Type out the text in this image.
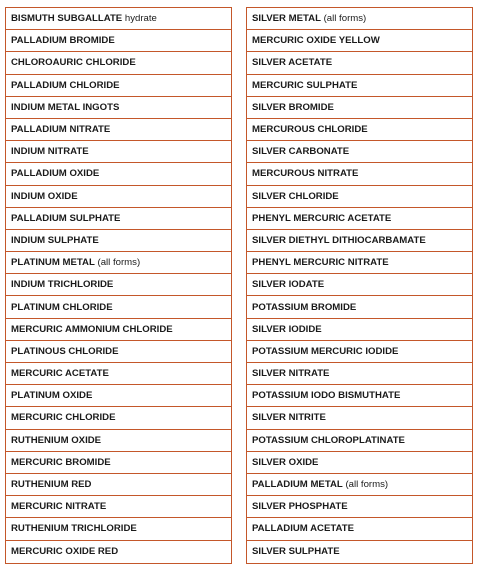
BISMUTH SUBGALLATE hydrate
PALLADIUM BROMIDE
CHLOROAURIC CHLORIDE
PALLADIUM CHLORIDE
INDIUM METAL INGOTS
PALLADIUM NITRATE
INDIUM NITRATE
PALLADIUM OXIDE
INDIUM OXIDE
PALLADIUM SULPHATE
INDIUM SULPHATE
PLATINUM METAL (all forms)
INDIUM TRICHLORIDE
PLATINUM CHLORIDE
MERCURIC AMMONIUM CHLORIDE
PLATINOUS CHLORIDE
MERCURIC ACETATE
PLATINUM OXIDE
MERCURIC CHLORIDE
RUTHENIUM OXIDE
MERCURIC BROMIDE
RUTHENIUM RED
MERCURIC NITRATE
RUTHENIUM TRICHLORIDE
MERCURIC OXIDE RED
SILVER METAL (all forms)
MERCURIC OXIDE YELLOW
SILVER ACETATE
MERCURIC SULPHATE
SILVER BROMIDE
MERCUROUS CHLORIDE
SILVER CARBONATE
MERCUROUS NITRATE
SILVER CHLORIDE
PHENYL MERCURIC ACETATE
SILVER DIETHYL DITHIOCARBAMATE
PHENYL MERCURIC NITRATE
SILVER IODATE
POTASSIUM BROMIDE
SILVER IODIDE
POTASSIUM MERCURIC IODIDE
SILVER NITRATE
POTASSIUM IODO BISMUTHATE
SILVER NITRITE
POTASSIUM CHLOROPLATINATE
SILVER OXIDE
PALLADIUM METAL (all forms)
SILVER PHOSPHATE
PALLADIUM ACETATE
SILVER SULPHATE
